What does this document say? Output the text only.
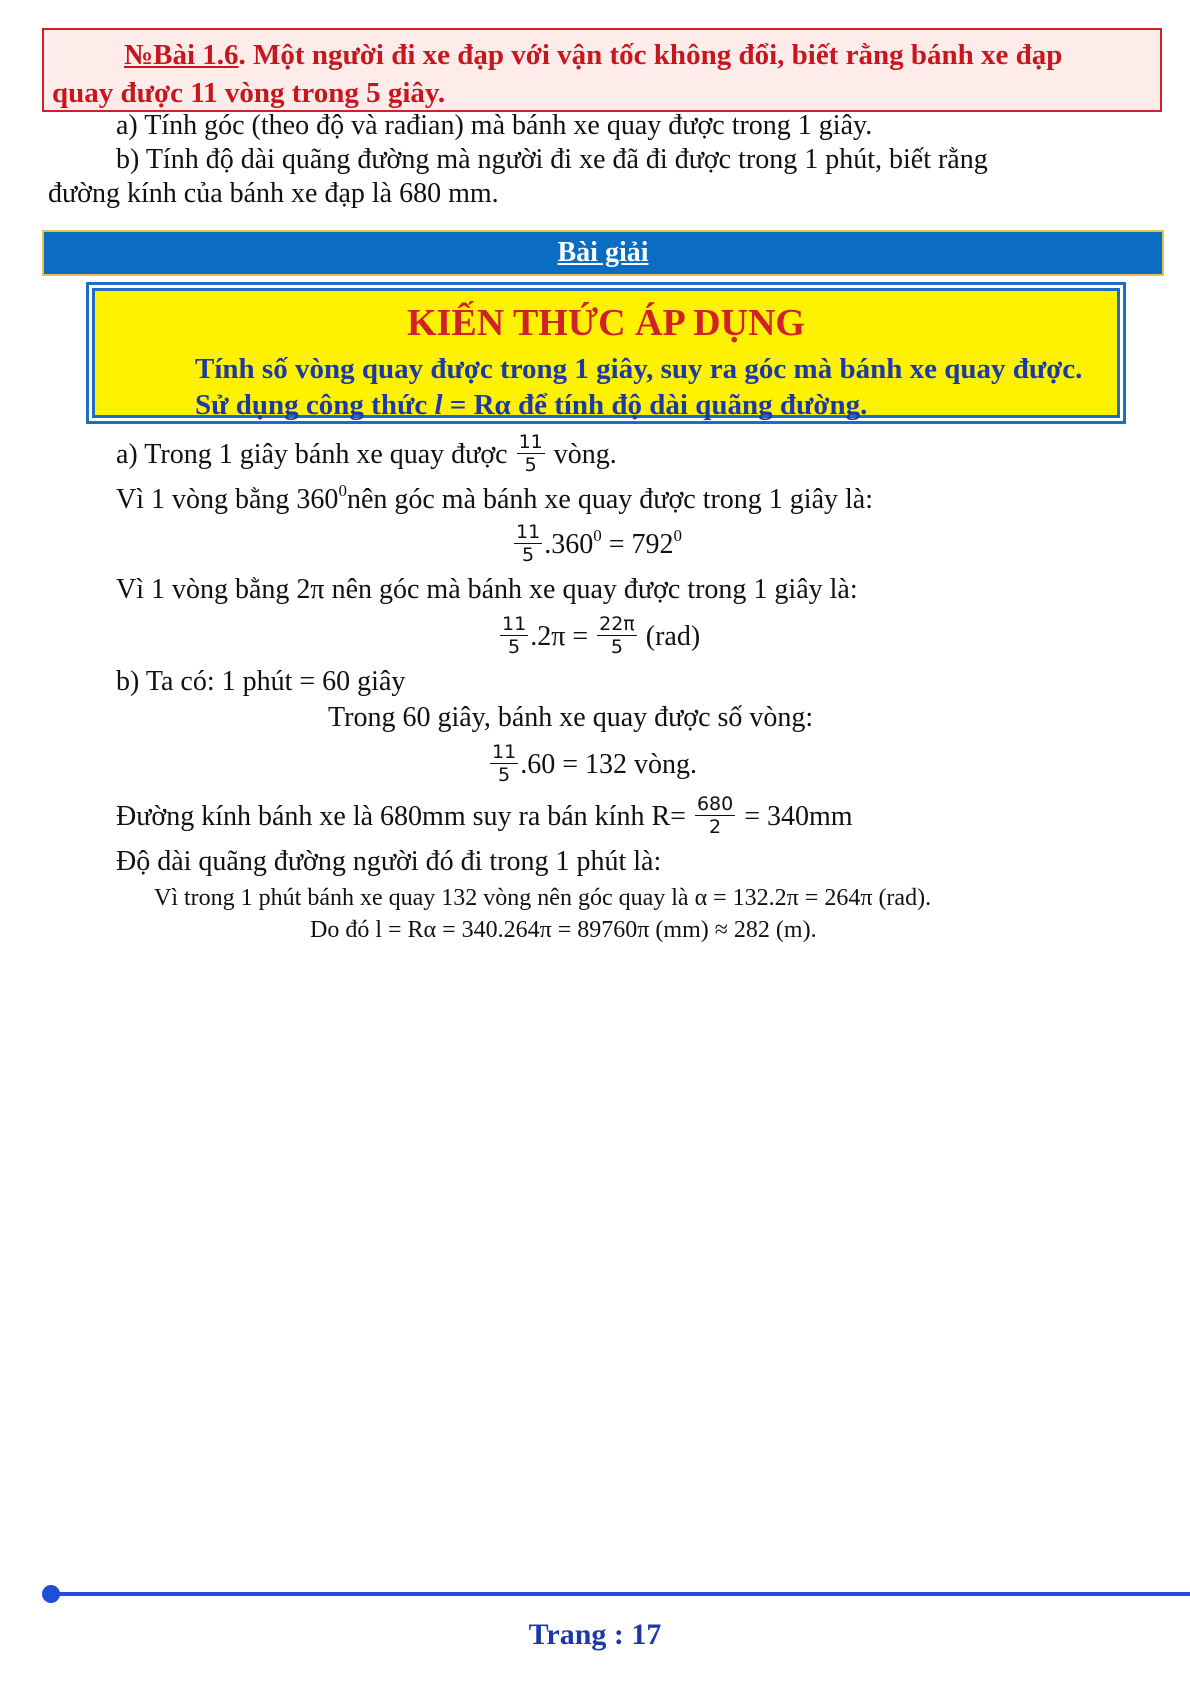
№Bài 1.6. Một người đi xe đạp với vận tốc không đổi, biết rằng bánh xe đạp
quay được 11 vòng trong 5 giây.
a) Tính góc (theo độ và rađian) mà bánh xe quay được trong 1 giây.
b) Tính độ dài quãng đường mà người đi xe đã đi được trong 1 phút, biết rằng
đường kính của bánh xe đạp là 680 mm.
Bài giải
KIẾN THỨC ÁP DỤNG
Tính số vòng quay được trong 1 giây, suy ra góc mà bánh xe quay được. Sử dụng công thức l = Rα để tính độ dài quãng đường.
a) Trong 1 giây bánh xe quay được $\frac{11}{5}$ vòng.
Vì 1 vòng bằng $360^0nên$ góc mà bánh xe quay được trong 1 giây là:
$\frac{11}{5} .360^0 = 792^0$
Vì 1 vòng bằng 2π nên góc mà bánh xe quay được trong 1 giây là:
$\frac{11}{5} .2\pi = \frac{22\pi}{5} (rad)$
b) Ta có: 1 phút = 60 giây
Trong 60 giây, bánh xe quay được số vòng:
$\frac{11}{5} .60 = 132$ vòng.
Đường kính bánh xe là 680mm suy ra bán kính $R= \frac{680}{2} = 340mm$
Độ dài quãng đường người đó đi trong 1 phút là:
Vì trong 1 phút bánh xe quay 132 vòng nên góc quay là α = 132.2π = 264π (rad).
Do đó l = Rα = 340.264π = 89760π (mm) ≈ 282 (m).
Trang : 17
